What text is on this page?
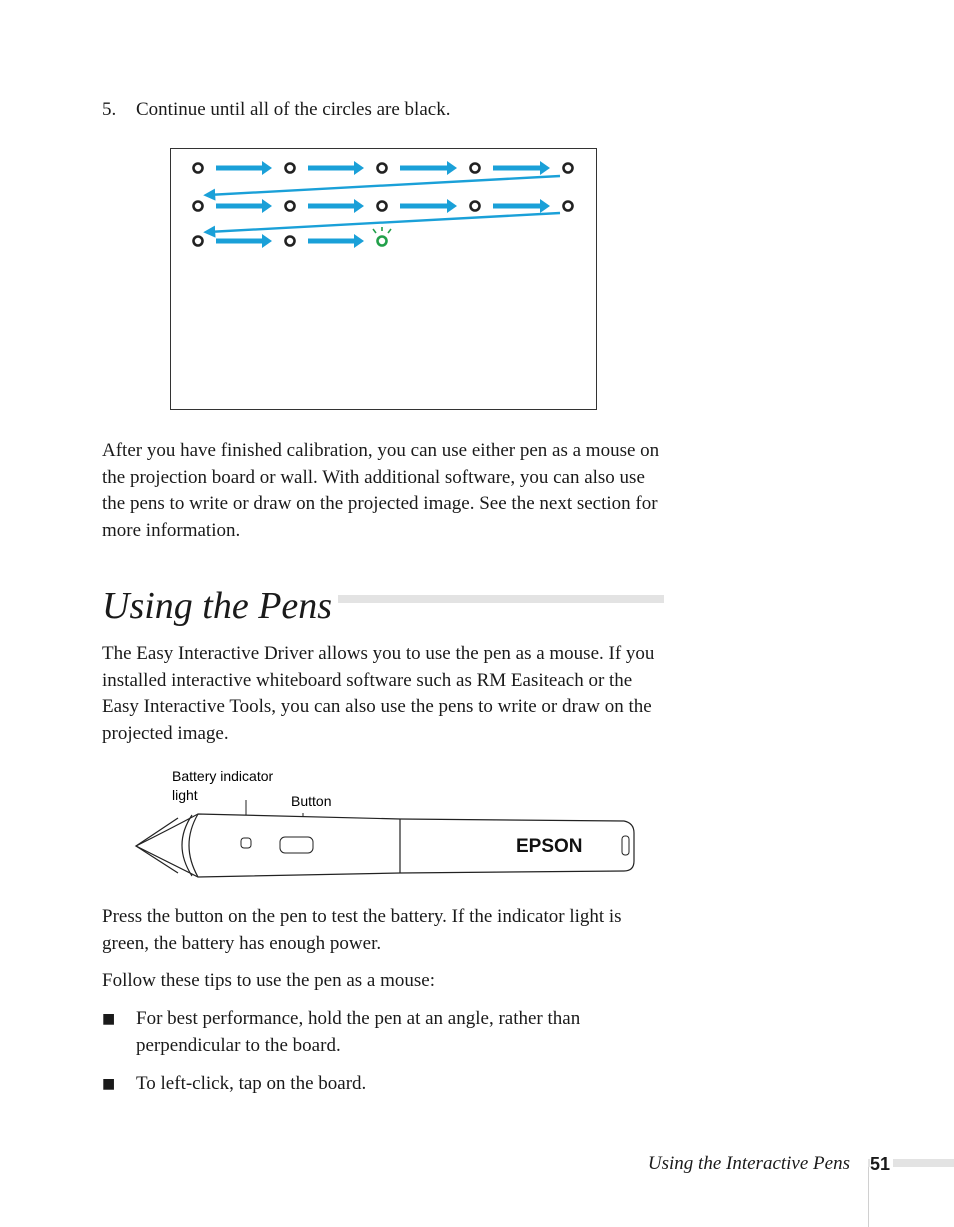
5. Continue until all of the circles are black.
After you have finished calibration, you can use either pen as a mouse on the projection board or wall. With additional software, you can also use the pens to write or draw on the projected image. See the next section for more information.
Using the Pens
The Easy Interactive Driver allows you to use the pen as a mouse. If you installed interactive whiteboard software such as RM Easiteach or the Easy Interactive Tools, you can also use the pens to write or draw on the projected image.
Battery indicator
light	Button
EPSON
Press the button on the pen to test the battery. If the indicator light is green, the battery has enough power.
Follow these tips to use the pen as a mouse:
■ For best performance, hold the pen at an angle, rather than perpendicular to the board.
■ To left-click, tap on the board.
Using the Interactive Pens 51
